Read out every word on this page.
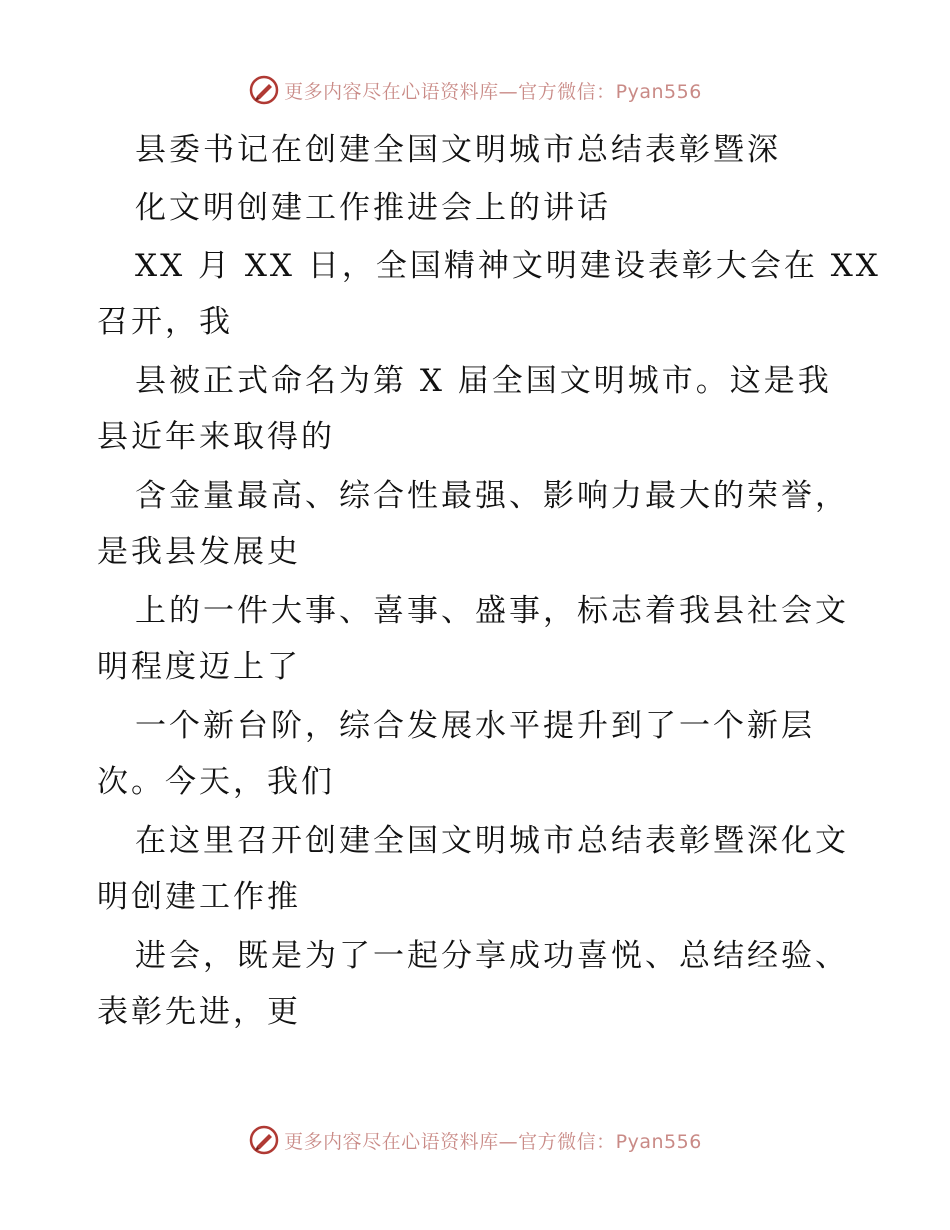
更多内容尽在心语资料库—官方微信：Pyan556
县委书记在创建全国文明城市总结表彰暨深
化文明创建工作推进会上的讲话
XX 月 XX 日，全国精神文明建设表彰大会在 XX
召开，我
县被正式命名为第 X 届全国文明城市。这是我
县近年来取得的
含金量最高、综合性最强、影响力最大的荣誉，
是我县发展史
上的一件大事、喜事、盛事，标志着我县社会文
明程度迈上了
一个新台阶，综合发展水平提升到了一个新层
次。今天，我们
在这里召开创建全国文明城市总结表彰暨深化文
明创建工作推
进会，既是为了一起分享成功喜悦、总结经验、
表彰先进，更
更多内容尽在心语资料库—官方微信：Pyan556
